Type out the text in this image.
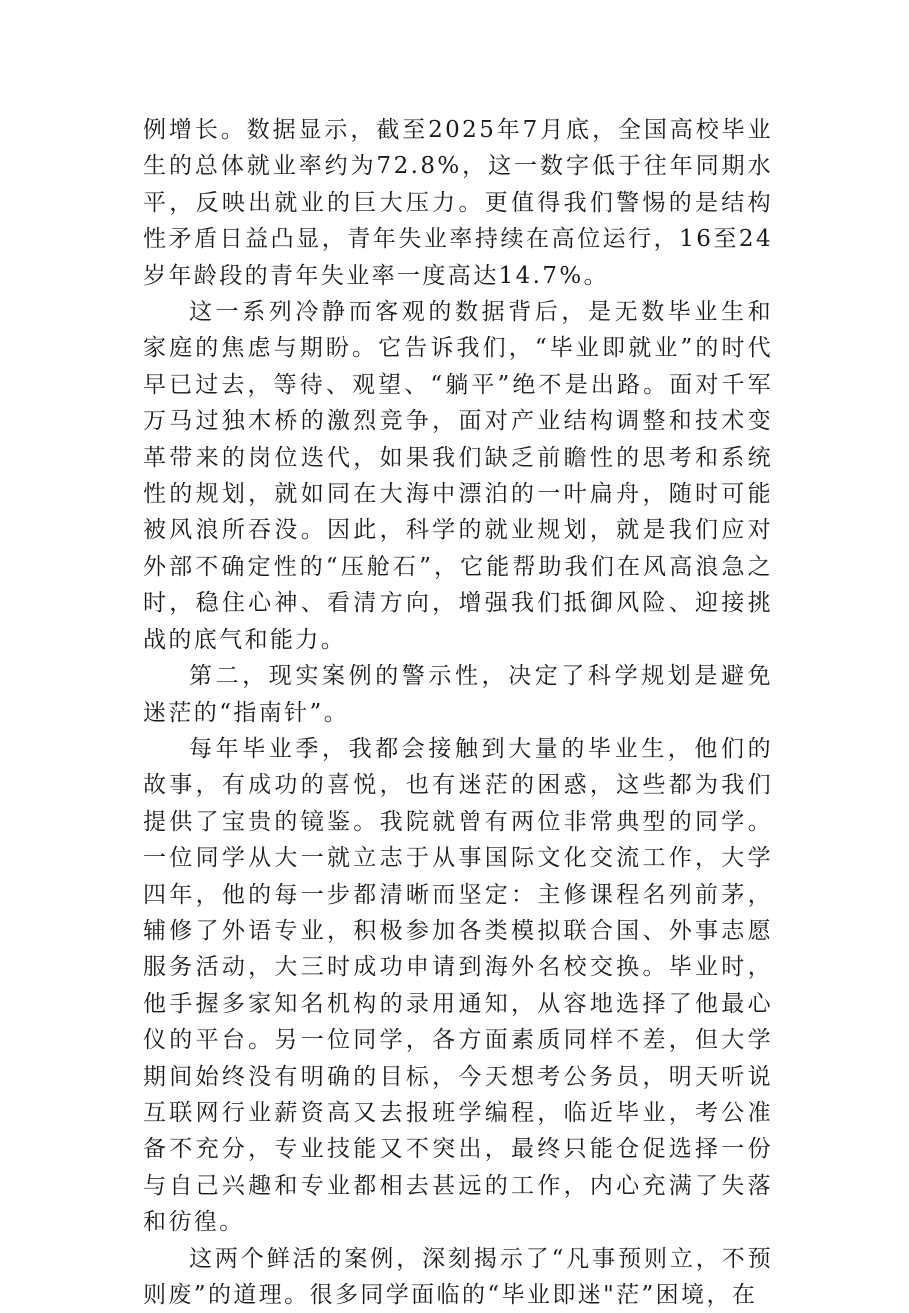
例增长。数据显示，截至2025年7月底，全国高校毕业生的总体就业率约为72.8%，这一数字低于往年同期水平，反映出就业的巨大压力。更值得我们警惕的是结构性矛盾日益凸显，青年失业率持续在高位运行，16至24岁年龄段的青年失业率一度高达14.7%。

这一系列冷静而客观的数据背后，是无数毕业生和家庭的焦虑与期盼。它告诉我们，“毕业即就业”的时代早已过去，等待、观望、“躺平”绝不是出路。面对千军万马过独木桥的激烈竞争，面对产业结构调整和技术变革带来的岗位迭代，如果我们缺乏前瞻性的思考和系统性的规划，就如同在大海中漂泊的一叶扁舟，随时可能被风浪所吞没。因此，科学的就业规划，就是我们应对外部不确定性的“压舱石”，它能帮助我们在风高浪急之时，稳住心神、看清方向，增强我们抵御风险、迎接挑战的底气和能力。

第二，现实案例的警示性，决定了科学规划是避免迷茫的“指南针”。

每年毕业季，我都会接触到大量的毕业生，他们的故事，有成功的喜悦，也有迷茫的困惑，这些都为我们提供了宝贵的镜鉴。我院就曾有两位非常典型的同学。一位同学从大一就立志于从事国际文化交流工作，大学四年，他的每一步都清晰而坚定：主修课程名列前茅，辅修了外语专业，积极参加各类模拟联合国、外事志愿服务活动，大三时成功申请到海外名校交换。毕业时，他手握多家知名机构的录用通知，从容地选择了他最心仪的平台。另一位同学，各方面素质同样不差，但大学期间始终没有明确的目标，今天想考公务员，明天听说互联网行业薪资高又去报班学编程，临近毕业，考公准备不充分，专业技能又不突出，最终只能仓促选择一份与自己兴趣和专业都相去甚远的工作，内心充满了失落和彷徨。

这两个鲜活的案例，深刻揭示了“凡事预则立，不预则废”的道理。很多同学面临的“毕业即迷"茫”困境，在
